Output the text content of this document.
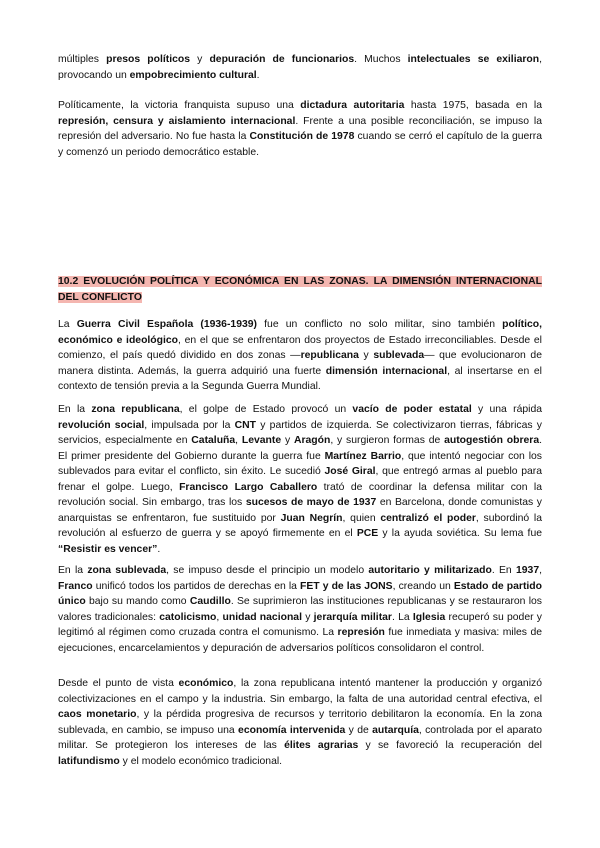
múltiples presos políticos y depuración de funcionarios. Muchos intelectuales se exiliaron, provocando un empobrecimiento cultural.

Políticamente, la victoria franquista supuso una dictadura autoritaria hasta 1975, basada en la represión, censura y aislamiento internacional. Frente a una posible reconciliación, se impuso la represión del adversario. No fue hasta la Constitución de 1978 cuando se cerró el capítulo de la guerra y comenzó un periodo democrático estable.

10.2 EVOLUCIÓN POLÍTICA Y ECONÓMICA EN LAS ZONAS. LA DIMENSIÓN INTERNACIONAL DEL CONFLICTO

La Guerra Civil Española (1936-1939) fue un conflicto no solo militar, sino también político, económico e ideológico, en el que se enfrentaron dos proyectos de Estado irreconciliables. Desde el comienzo, el país quedó dividido en dos zonas —republicana y sublevada— que evolucionaron de manera distinta. Además, la guerra adquirió una fuerte dimensión internacional, al insertarse en el contexto de tensión previa a la Segunda Guerra Mundial.

En la zona republicana, el golpe de Estado provocó un vacío de poder estatal y una rápida revolución social, impulsada por la CNT y partidos de izquierda. Se colectivizaron tierras, fábricas y servicios, especialmente en Cataluña, Levante y Aragón, y surgieron formas de autogestión obrera. El primer presidente del Gobierno durante la guerra fue Martínez Barrio, que intentó negociar con los sublevados para evitar el conflicto, sin éxito. Le sucedió José Giral, que entregó armas al pueblo para frenar el golpe. Luego, Francisco Largo Caballero trató de coordinar la defensa militar con la revolución social. Sin embargo, tras los sucesos de mayo de 1937 en Barcelona, donde comunistas y anarquistas se enfrentaron, fue sustituido por Juan Negrín, quien centralizó el poder, subordinó la revolución al esfuerzo de guerra y se apoyó firmemente en el PCE y la ayuda soviética. Su lema fue “Resistir es vencer”.

En la zona sublevada, se impuso desde el principio un modelo autoritario y militarizado. En 1937, Franco unificó todos los partidos de derechas en la FET y de las JONS, creando un Estado de partido único bajo su mando como Caudillo. Se suprimieron las instituciones republicanas y se restauraron los valores tradicionales: catolicismo, unidad nacional y jerarquía militar. La Iglesia recuperó su poder y legitimó al régimen como cruzada contra el comunismo. La represión fue inmediata y masiva: miles de ejecuciones, encarcelamientos y depuración de adversarios políticos consolidaron el control.

Desde el punto de vista económico, la zona republicana intentó mantener la producción y organizó colectivizaciones en el campo y la industria. Sin embargo, la falta de una autoridad central efectiva, el caos monetario, y la pérdida progresiva de recursos y territorio debilitaron la economía. En la zona sublevada, en cambio, se impuso una economía intervenida y de autarquía, controlada por el aparato militar. Se protegieron los intereses de las élites agrarias y se favoreció la recuperación del latifundismo y el modelo económico tradicional.
